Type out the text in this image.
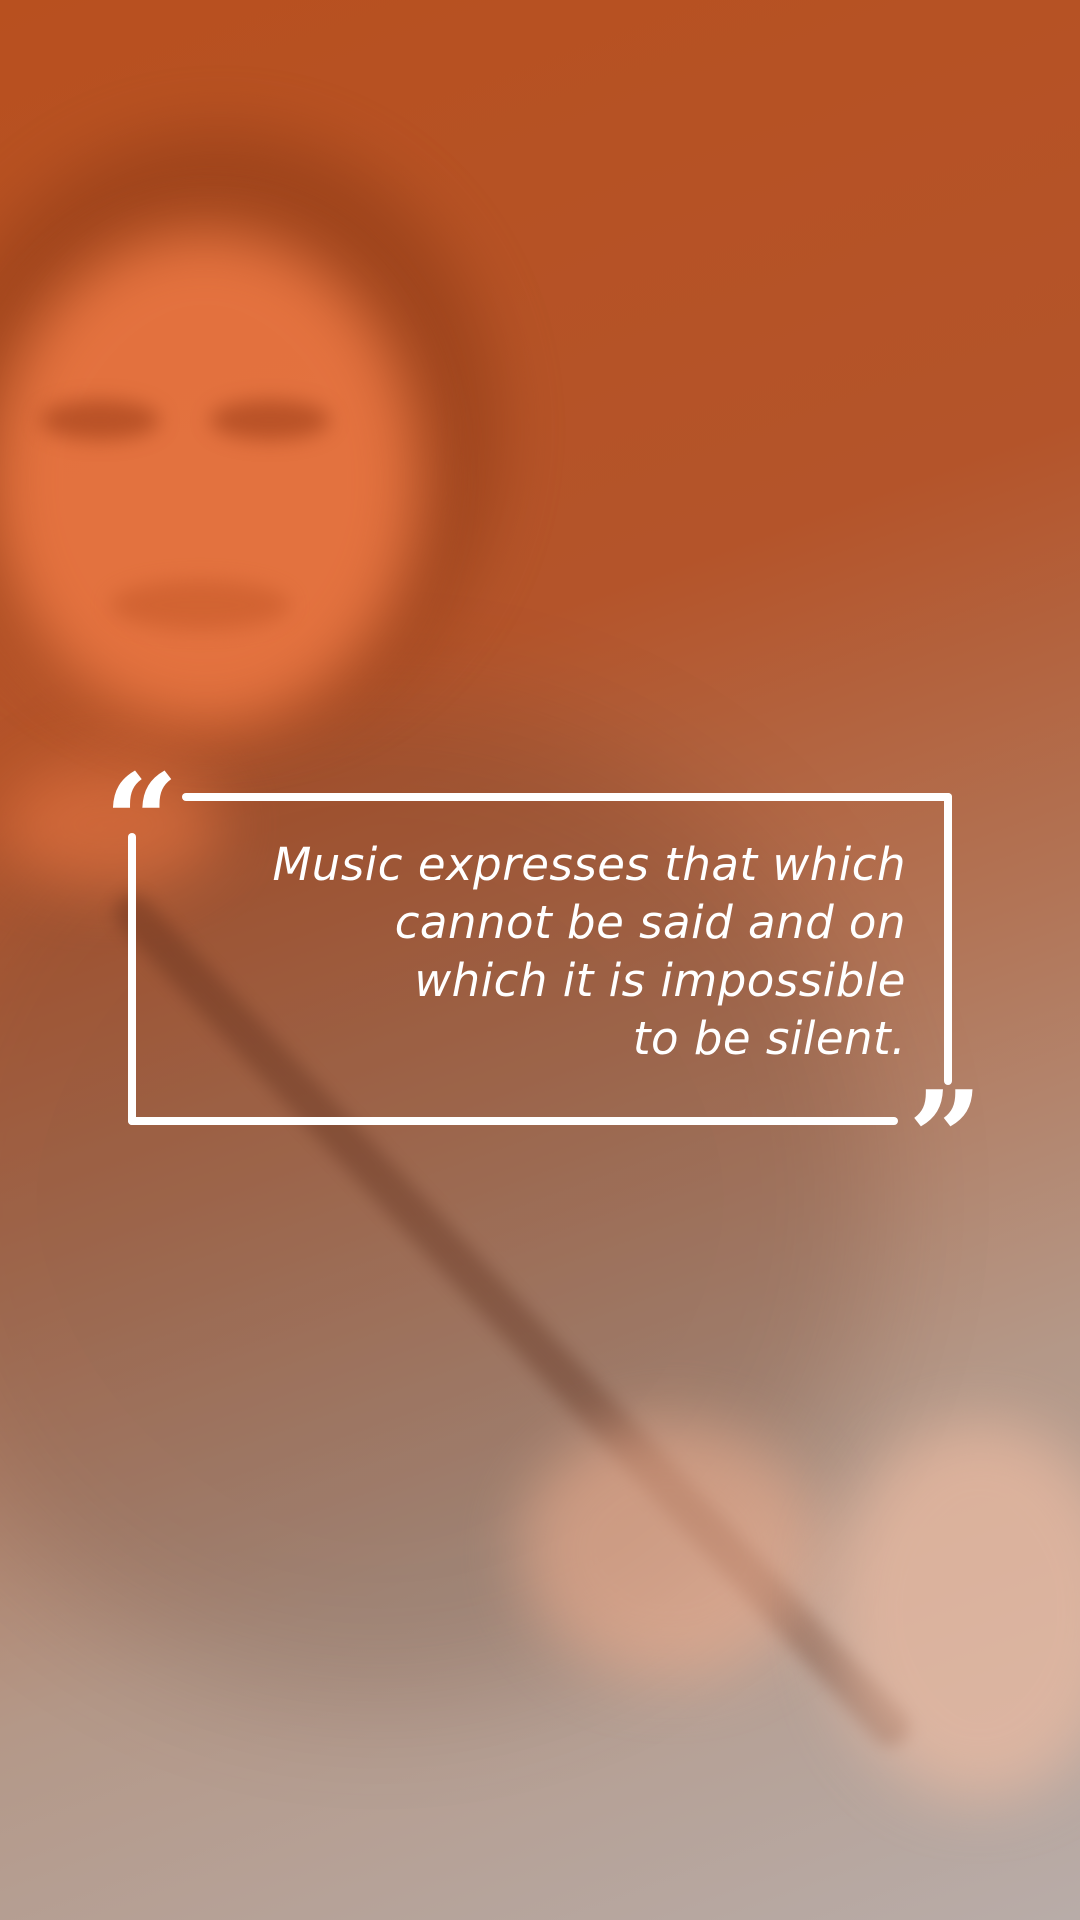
“
”
Music expresses that which
cannot be said and on
which it is impossible
to be silent.
